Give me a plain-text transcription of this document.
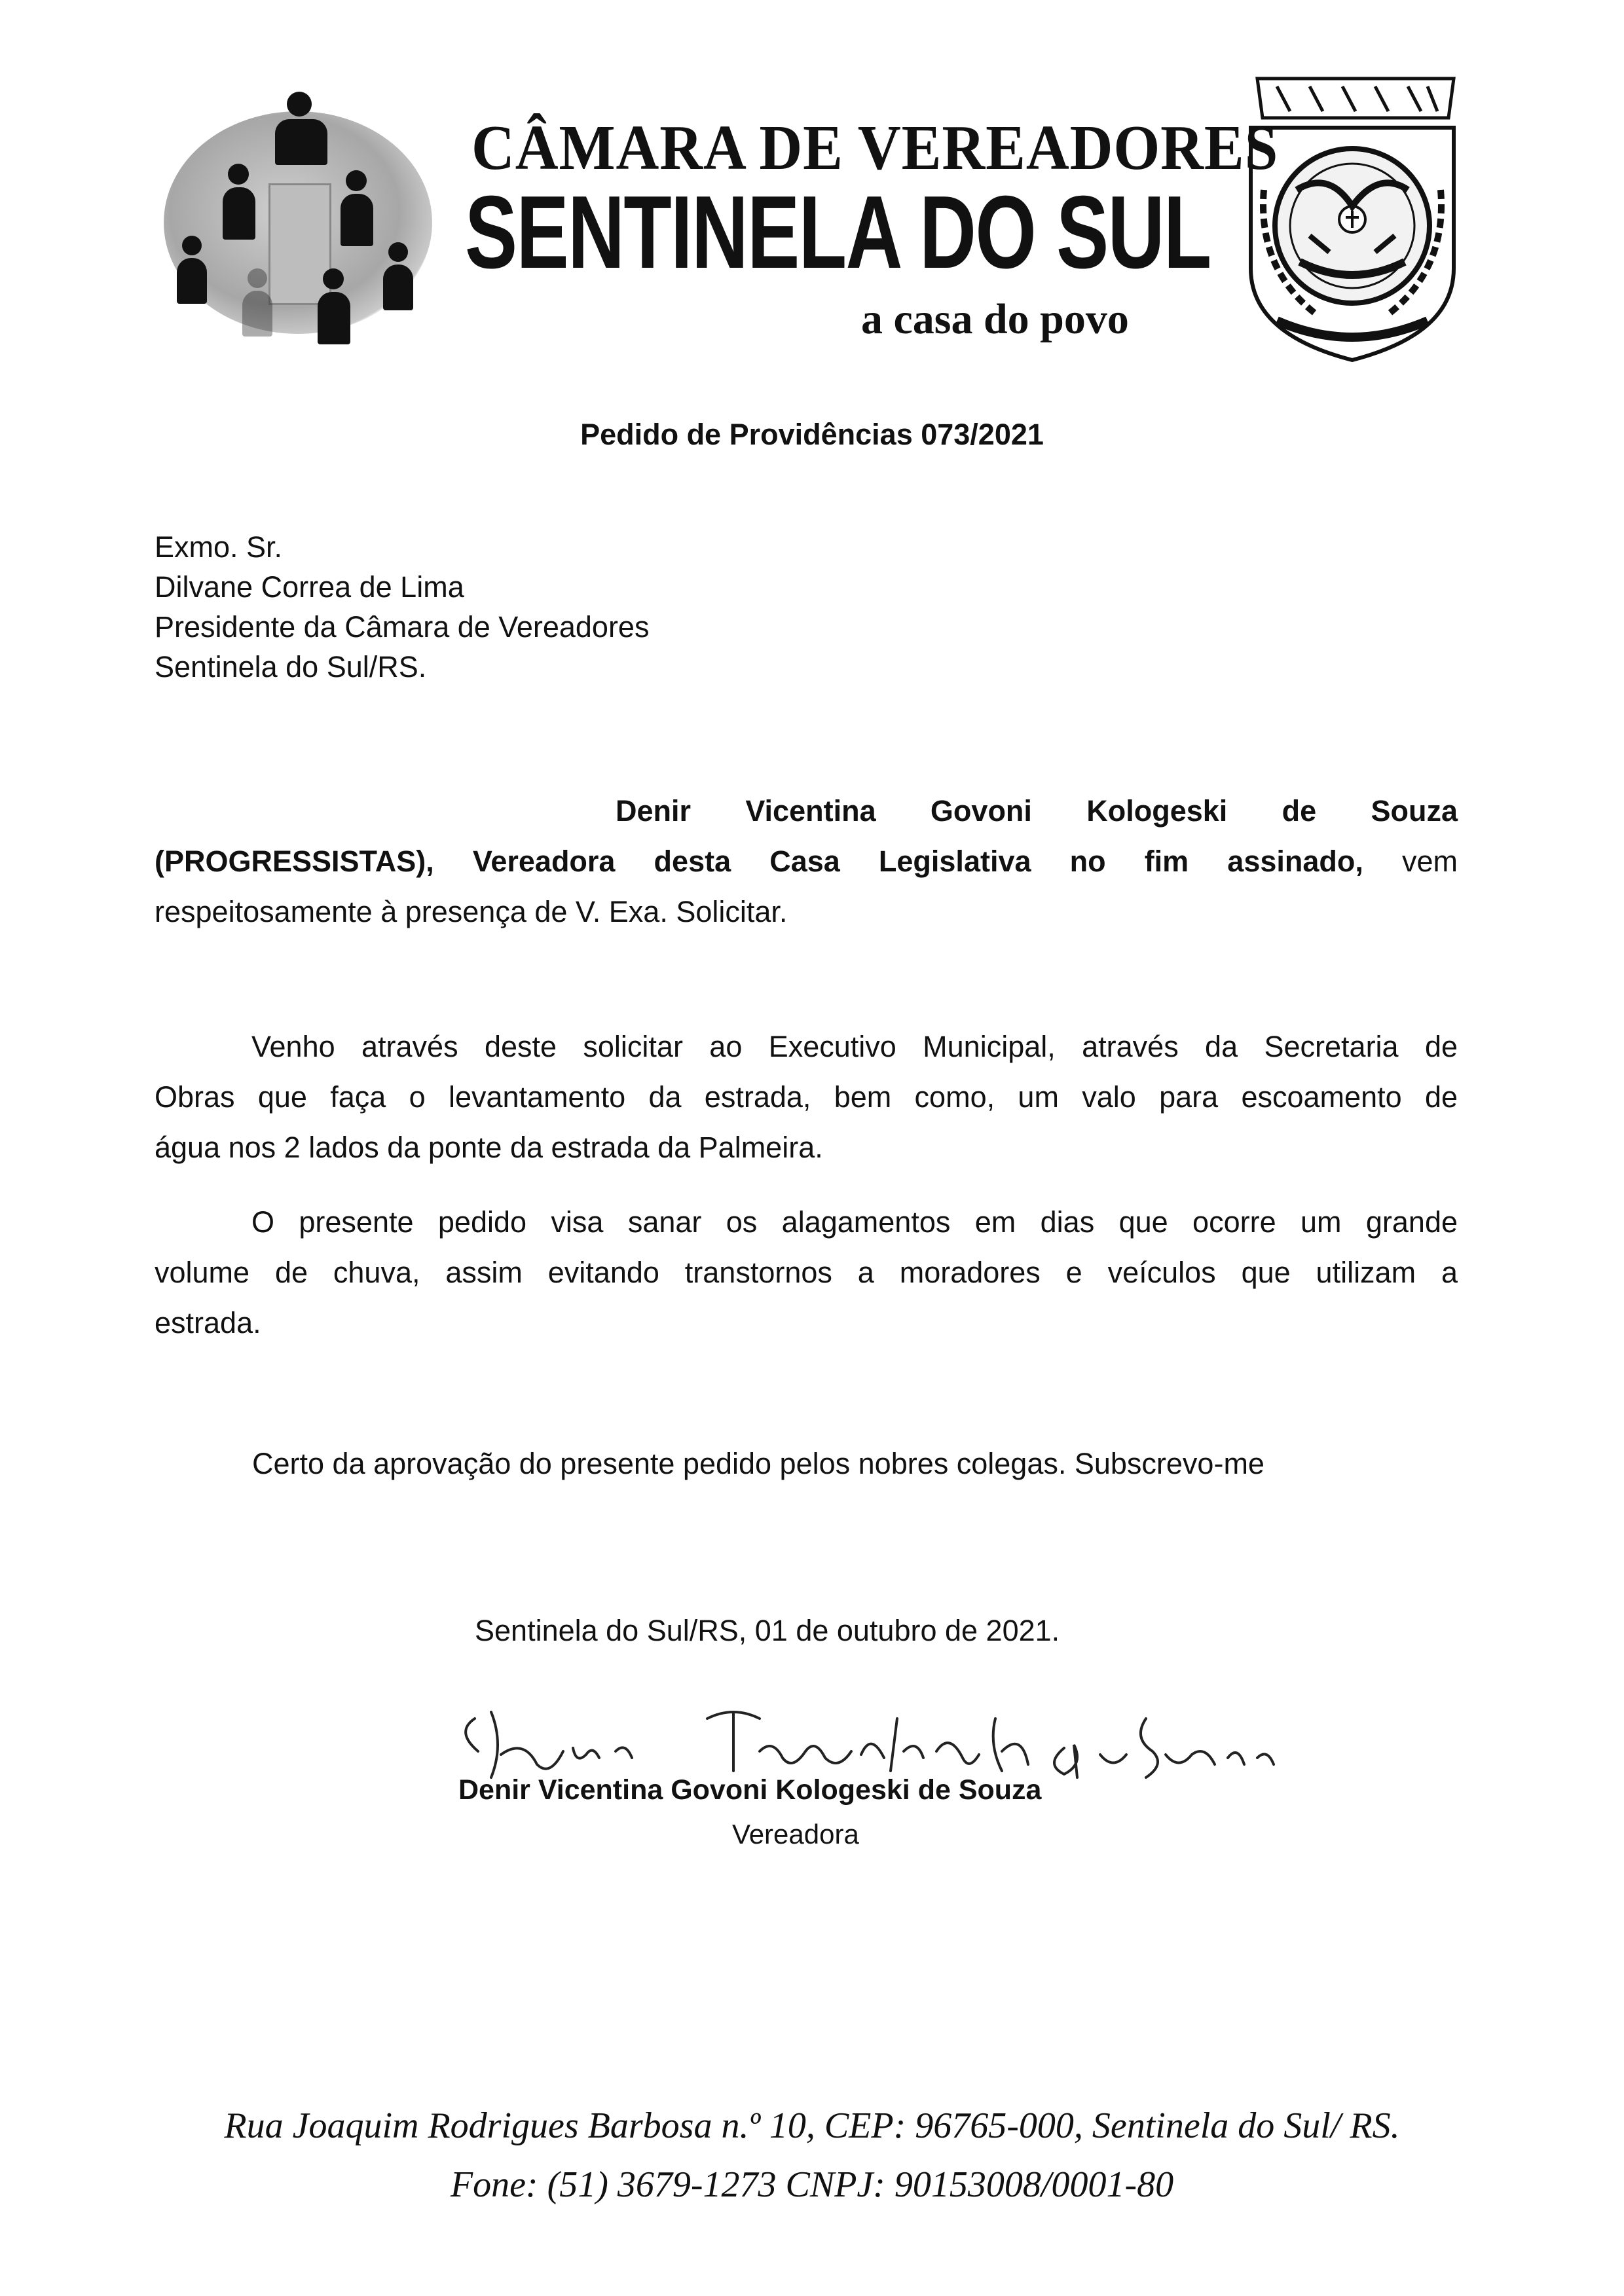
CÂMARA DE VEREADORES
SENTINELA DO SUL
a casa do povo
Pedido de Providências 073/2021
Exmo. Sr.
Dilvane Correa de Lima
Presidente da Câmara de Vereadores
Sentinela do Sul/RS.
Denir Vicentina Govoni Kologeski de Souza
(PROGRESSISTAS), Vereadora desta Casa Legislativa no fim assinado, vem
respeitosamente à presença de V. Exa. Solicitar.
Venho através deste solicitar ao Executivo Municipal, através da Secretaria de
Obras que faça o levantamento da estrada, bem como, um valo para escoamento de
água nos 2 lados da ponte da estrada da Palmeira.
O presente pedido visa sanar os alagamentos em dias que ocorre um grande
volume de chuva, assim evitando transtornos a moradores e veículos que utilizam a
estrada.
Certo da aprovação do presente pedido pelos nobres colegas. Subscrevo-me
Sentinela do Sul/RS, 01 de outubro de 2021.
Denir Vicentina Govoni Kologeski de Souza
Vereadora
Rua Joaquim Rodrigues Barbosa n.º 10, CEP: 96765-000, Sentinela do Sul/ RS.
Fone: (51) 3679-1273 CNPJ: 90153008/0001-80
